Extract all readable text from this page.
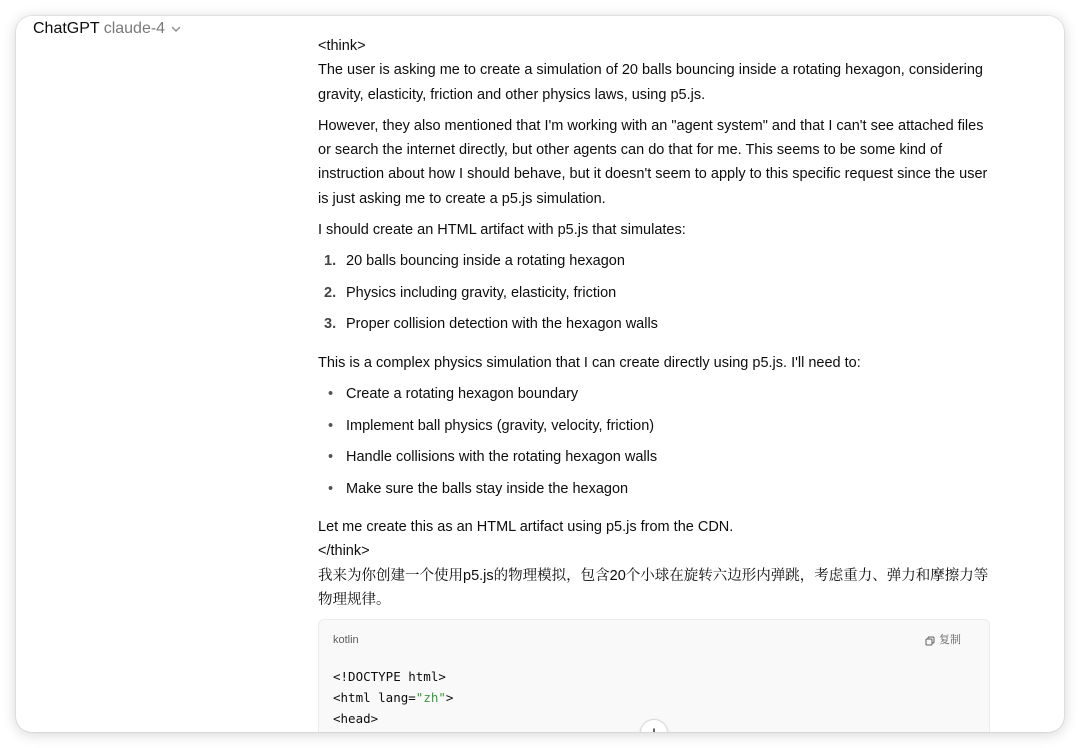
ChatGPT claude-4

<think>

The user is asking me to create a simulation of 20 balls bouncing inside a rotating hexagon, considering gravity, elasticity, friction and other physics laws, using p5.js.

However, they also mentioned that I'm working with an "agent system" and that I can't see attached files or search the internet directly, but other agents can do that for me. This seems to be some kind of instruction about how I should behave, but it doesn't seem to apply to this specific request since the user is just asking me to create a p5.js simulation.

I should create an HTML artifact with p5.js that simulates:

1. 20 balls bouncing inside a rotating hexagon
2. Physics including gravity, elasticity, friction
3. Proper collision detection with the hexagon walls

This is a complex physics simulation that I can create directly using p5.js. I'll need to:

• Create a rotating hexagon boundary
• Implement ball physics (gravity, velocity, friction)
• Handle collisions with the rotating hexagon walls
• Make sure the balls stay inside the hexagon

Let me create this as an HTML artifact using p5.js from the CDN.

</think>

我来为你创建一个使用p5.js的物理模拟，包含20个小球在旋转六边形内弹跳，考虑重力、弹力和摩擦力等物理规律。

kotlin	复制
<!DOCTYPE html>
<html lang="zh">
<head>
